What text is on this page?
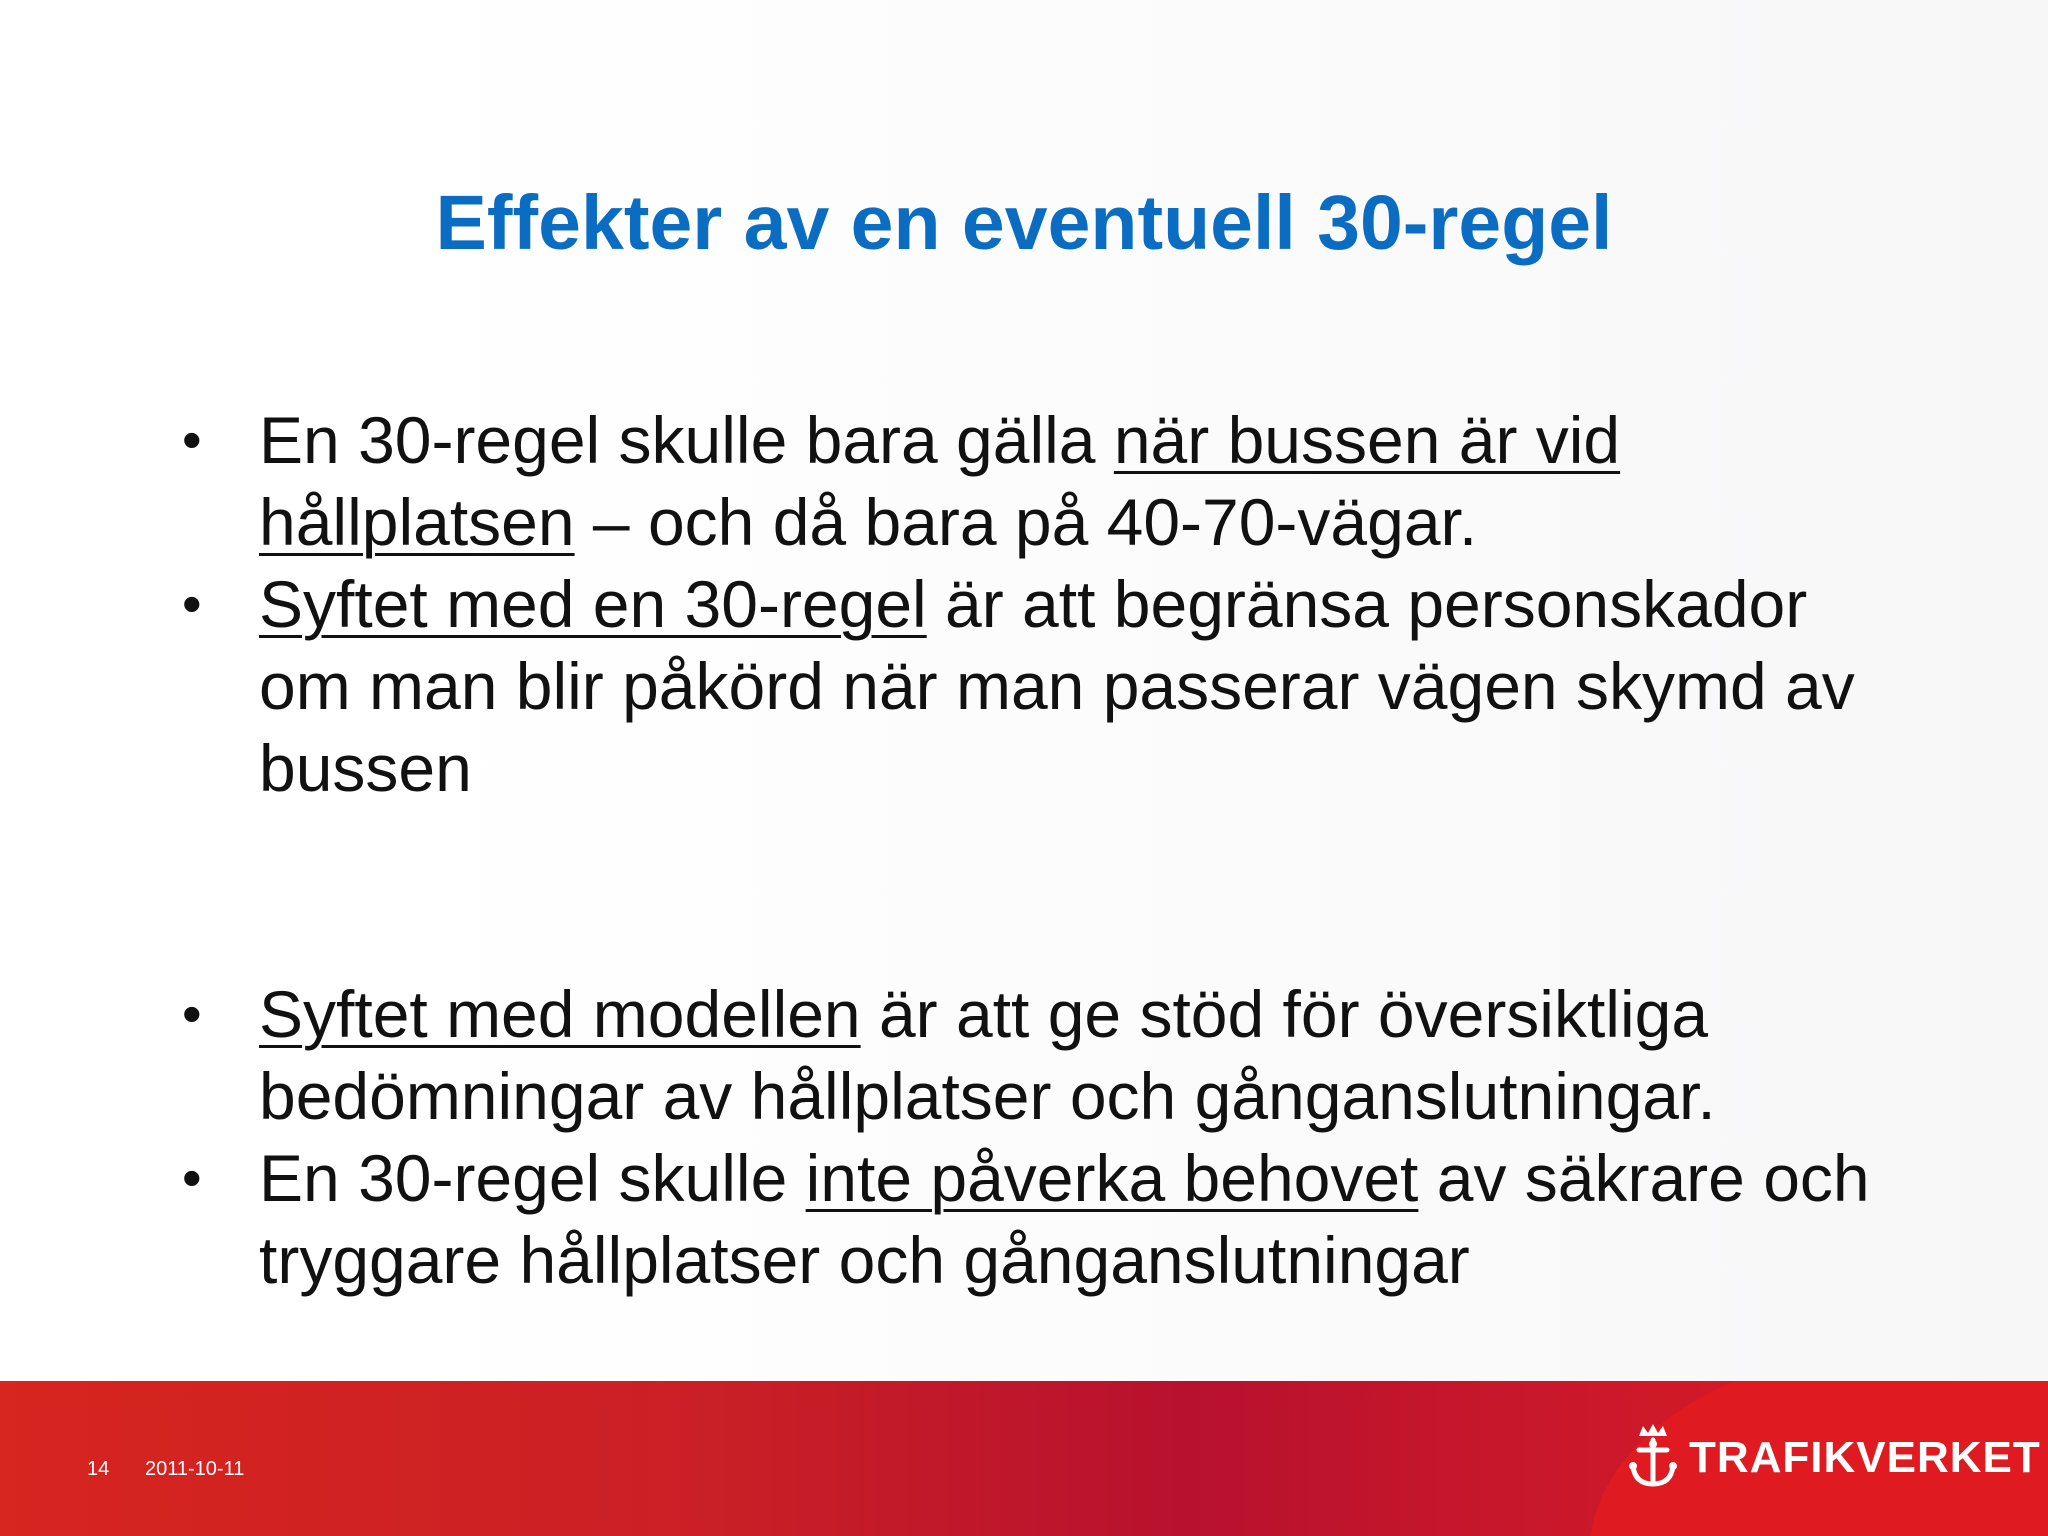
Effekter av en eventuell 30-regel
• En 30-regel skulle bara gälla när bussen är vid hållplatsen – och då bara på 40-70-vägar.
• Syftet med en 30-regel är att begränsa personskador om man blir påkörd när man passerar vägen skymd av bussen
• Syftet med modellen är att ge stöd för översiktliga bedömningar av hållplatser och gånganslutningar.
• En 30-regel skulle inte påverka behovet av säkrare och tryggare hållplatser och gånganslutningar
14 2011-10-11	TRAFIKVERKET
